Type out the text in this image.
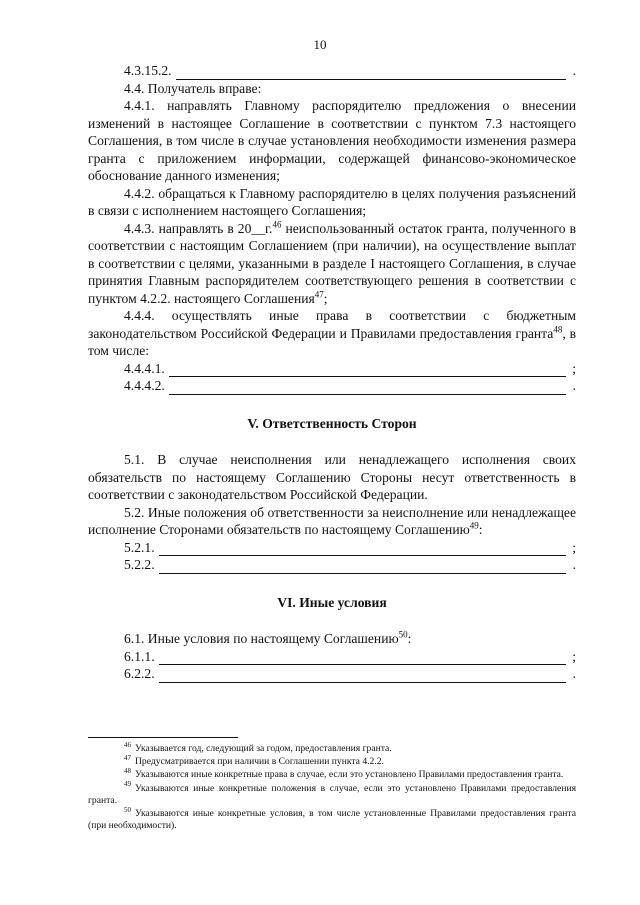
10
4.3.15.2.	.

4.4. Получатель вправе:

4.4.1. направлять Главному распорядителю предложения о внесении изменений в настоящее Соглашение в соответствии с пунктом 7.3 настоящего Соглашения, в том числе в случае установления необходимости изменения размера гранта с приложением информации, содержащей финансово-экономическое обоснование данного изменения;

4.4.2. обращаться к Главному распорядителю в целях получения разъяснений в связи с исполнением настоящего Соглашения;

4.4.3. направлять в 20__г.$^{46}$ неиспользованный остаток гранта, полученного в соответствии с настоящим Соглашением (при наличии), на осуществление выплат в соответствии с целями, указанными в разделе I настоящего Соглашения, в случае принятия Главным распорядителем соответствующего решения в соответствии с пунктом 4.2.2. настоящего Соглашения$^{47}$;

4.4.4. осуществлять иные права в соответствии с бюджетным законодательством Российской Федерации и Правилами предоставления гранта$^{48}$, в том числе:

4.4.4.1.	;
4.4.4.2.	.
V. Ответственность Сторон

5.1. В случае неисполнения или ненадлежащего исполнения своих обязательств по настоящему Соглашению Стороны несут ответственность в соответствии с законодательством Российской Федерации.

5.2. Иные положения об ответственности за неисполнение или ненадлежащее исполнение Сторонами обязательств по настоящему Соглашению$^{49}$:

5.2.1.	;
5.2.2.	.
VI. Иные условия

6.1. Иные условия по настоящему Соглашению$^{50}$:

6.1.1.	;
6.2.2.	.

$^{46}$ Указывается год, следующий за годом, предоставления гранта.

$^{47}$ Предусматривается при наличии в Соглашении пункта 4.2.2.

$^{48}$ Указываются иные конкретные права в случае, если это установлено Правилами предоставления гранта.

$^{49}$ Указываются иные конкретные положения в случае, если это установлено Правилами предоставления гранта.

$^{50}$ Указываются иные конкретные условия, в том числе установленные Правилами предоставления гранта (при необходимости).
